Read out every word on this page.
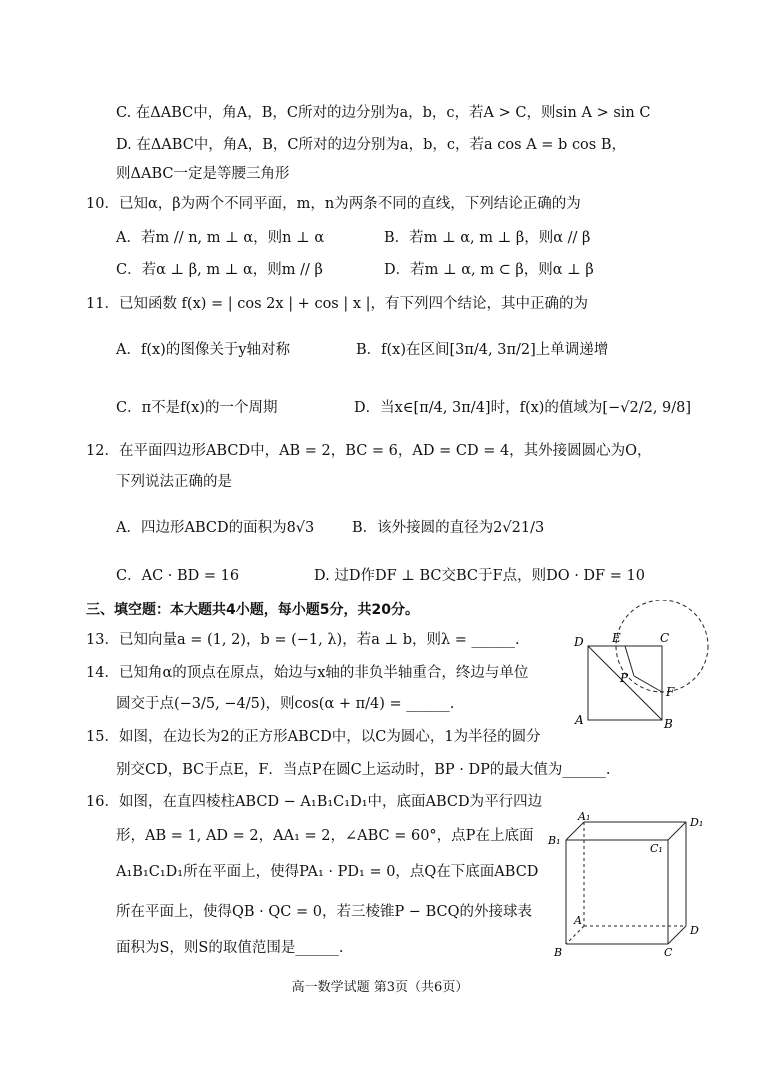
C. 在ΔABC中，角A，B，C所对的边分别为a，b，c，若A > C，则sin A > sin C
D. 在ΔABC中，角A，B，C所对的边分别为a，b，c，若a cos A = b cos B，
则ΔABC一定是等腰三角形
10．已知α，β为两个不同平面，m，n为两条不同的直线，下列结论正确的为
A．若m // n, m ⊥ α，则n ⊥ α	B．若m ⊥ α, m ⊥ β，则α // β
C．若α ⊥ β, m ⊥ α，则m // β	D．若m ⊥ α, m ⊂ β，则α ⊥ β
11．已知函数 f(x) = | cos 2x | + cos | x |，有下列四个结论，其中正确的为
A．f(x)的图像关于y轴对称	B．f(x)在区间[3π/4, 3π/2]上单调递增
C．π不是f(x)的一个周期	D．当x∈[π/4, 3π/4]时，f(x)的值域为[−√2/2, 9/8]
12．在平面四边形ABCD中，AB = 2，BC = 6，AD = CD = 4，其外接圆圆心为O，
下列说法正确的是
A．四边形ABCD的面积为8√3	B．该外接圆的直径为2√21/3
C．AC · BD = 16	D. 过D作DF ⊥ BC交BC于F点，则DO · DF = 10
三、填空题：本大题共4小题，每小题5分，共20分。
13．已知向量a = (1, 2)，b = (−1, λ)，若a ⊥ b，则λ = ______.
14．已知角α的顶点在原点，始边与x轴的非负半轴重合，终边与单位
圆交于点(−3/5, −4/5)，则cos(α + π/4) = ______.
15．如图，在边长为2的正方形ABCD中，以C为圆心，1为半径的圆分
别交CD，BC于点E，F．当点P在圆C上运动时，BP · DP的最大值为______.
16．如图，在直四棱柱ABCD − A₁B₁C₁D₁中，底面ABCD为平行四边
形，AB = 1, AD = 2，AA₁ = 2，∠ABC = 60°，点P在上底面
A₁B₁C₁D₁所在平面上，使得PA₁ · PD₁ = 0，点Q在下底面ABCD
所在平面上，使得QB · QC = 0，若三棱锥P − BCQ的外接球表
面积为S，则S的取值范围是______.
D E	C
P
F
A	B
A₁	D₁
B₁
C₁
A
D
B	C
高一数学试题 第3页（共6页）
